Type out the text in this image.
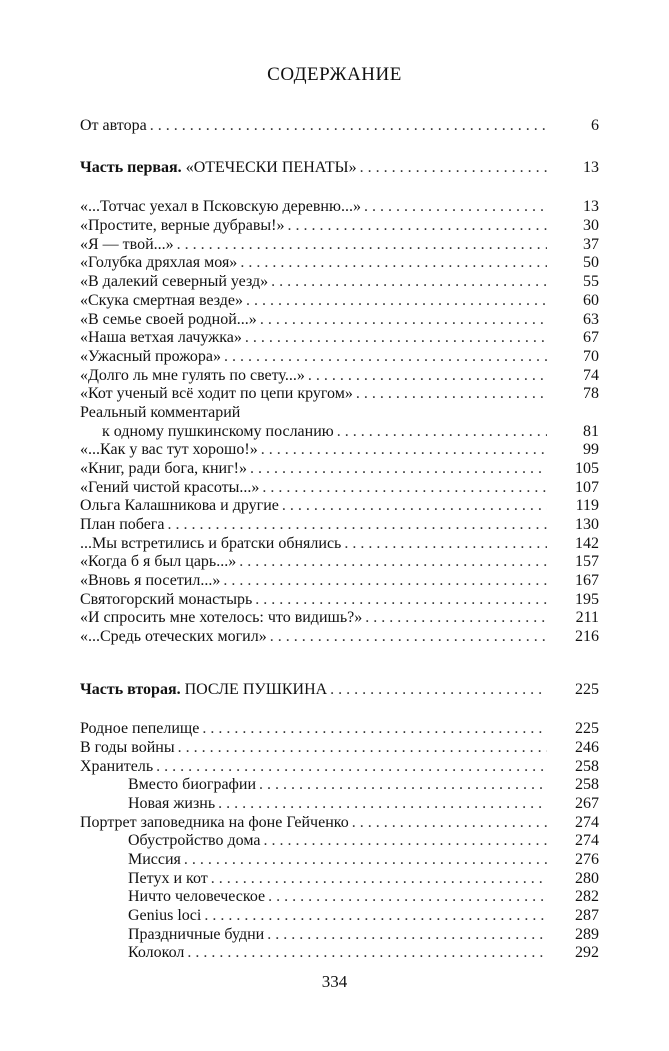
СОДЕРЖАНИЕ
От автора . . .	6
Часть первая. «ОТЕЧЕСКИ ПЕНАТЫ» . . .	13
«...Тотчас уехал в Псковскую деревню...» . . .	13
«Простите, верные дубравы!» . . .	30
«Я — твой...» . . .	37
«Голубка дряхлая моя» . . .	50
«В далекий северный уезд» . . .	55
«Скука смертная везде» . . .	60
«В семье своей родной...» . . .	63
«Наша ветхая лачужка» . . .	67
«Ужасный прожора» . . .	70
«Долго ль мне гулять по свету...» . . .	74
«Кот ученый всё ходит по цепи кругом» . . .	78
Реальный комментарий
к одному пушкинскому посланию . . .	81
«...Как у вас тут хорошо!» . . .	99
«Книг, ради бога, книг!» . . .	105
«Гений чистой красоты...» . . .	107
Ольга Калашникова и другие . . .	119
План побега . . .	130
...Мы встретились и братски обнялись . . .	142
«Когда б я был царь...» . . .	157
«Вновь я посетил...» . . .	167
Святогорский монастырь . . .	195
«И спросить мне хотелось: что видишь?» . . .	211
«...Средь отеческих могил» . . .	216
Часть вторая. ПОСЛЕ ПУШКИНА . . .	225
Родное пепелище . . .	225
В годы войны . . .	246
Хранитель . . .	258
Вместо биографии . . .	258
Новая жизнь . . .	267
Портрет заповедника на фоне Гейченко . . .	274
Обустройство дома . . .	274
Миссия . . .	276
Петух и кот . . .	280
Ничто человеческое . . .	282
Genius loci . . .	287
Праздничные будни . . .	289
Колокол . . .	292
334
